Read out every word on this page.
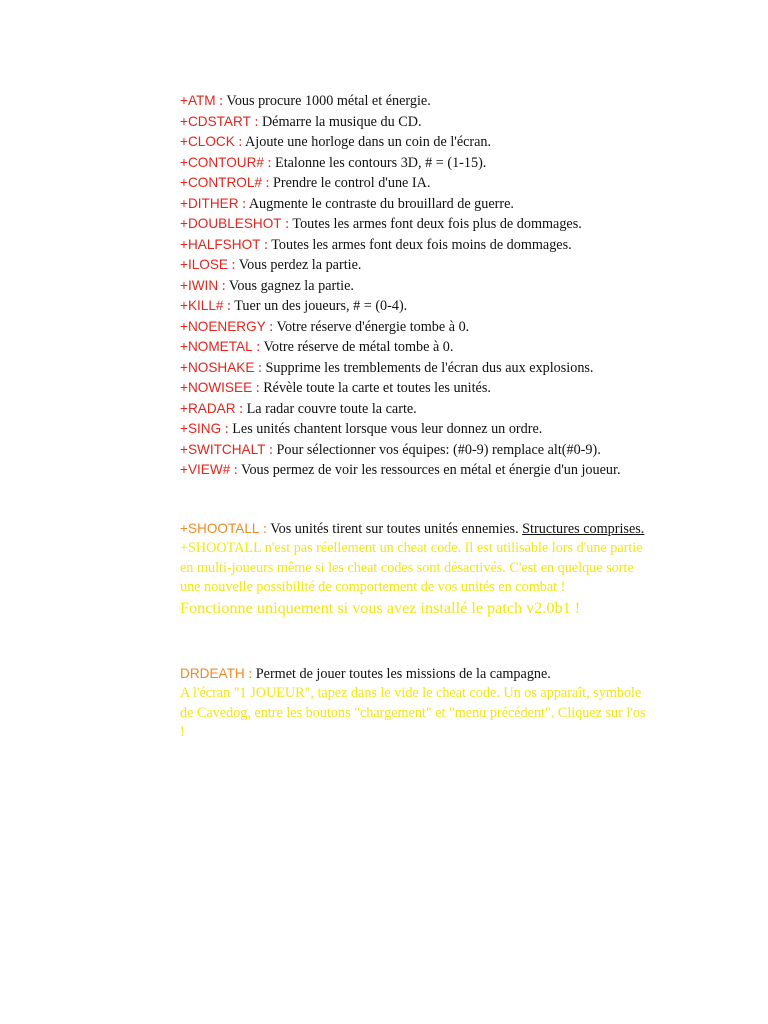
+ATM : Vous procure 1000 métal et énergie.
+CDSTART : Démarre la musique du CD.
+CLOCK : Ajoute une horloge dans un coin de l'écran.
+CONTOUR# : Etalonne les contours 3D, # = (1-15).
+CONTROL# : Prendre le control d'une IA.
+DITHER : Augmente le contraste du brouillard de guerre.
+DOUBLESHOT : Toutes les armes font deux fois plus de dommages.
+HALFSHOT : Toutes les armes font deux fois moins de dommages.
+ILOSE : Vous perdez la partie.
+IWIN : Vous gagnez la partie.
+KILL# : Tuer un des joueurs, # = (0-4).
+NOENERGY : Votre réserve d'énergie tombe à 0.
+NOMETAL : Votre réserve de métal tombe à 0.
+NOSHAKE : Supprime les tremblements de l'écran dus aux explosions.
+NOWISEE : Révèle toute la carte et toutes les unités.
+RADAR : La radar couvre toute la carte.
+SING : Les unités chantent lorsque vous leur donnez un ordre.
+SWITCHALT : Pour sélectionner vos équipes: (#0-9) remplace alt(#0-9).
+VIEW# : Vous permez de voir les ressources en métal et énergie d'un joueur.
+SHOOTALL : Vos unités tirent sur toutes unités ennemies. Structures comprises.
+SHOOTALL n'est pas réellement un cheat code. Il est utilisable lors d'une partie en multi-joueurs même si les cheat codes sont désactivés. C'est en quelque sorte une nouvelle possibilité de comportement de vos unités en combat !
Fonctionne uniquement si vous avez installé le patch v2.0b1 !
DRDEATH : Permet de jouer toutes les missions de la campagne.
A l'écran "1 JOUEUR", tapez dans le vide le cheat code. Un os apparaît, symbole de Cavedog, entre les boutons "chargement" et "menu précédent". Cliquez sur l'os !
